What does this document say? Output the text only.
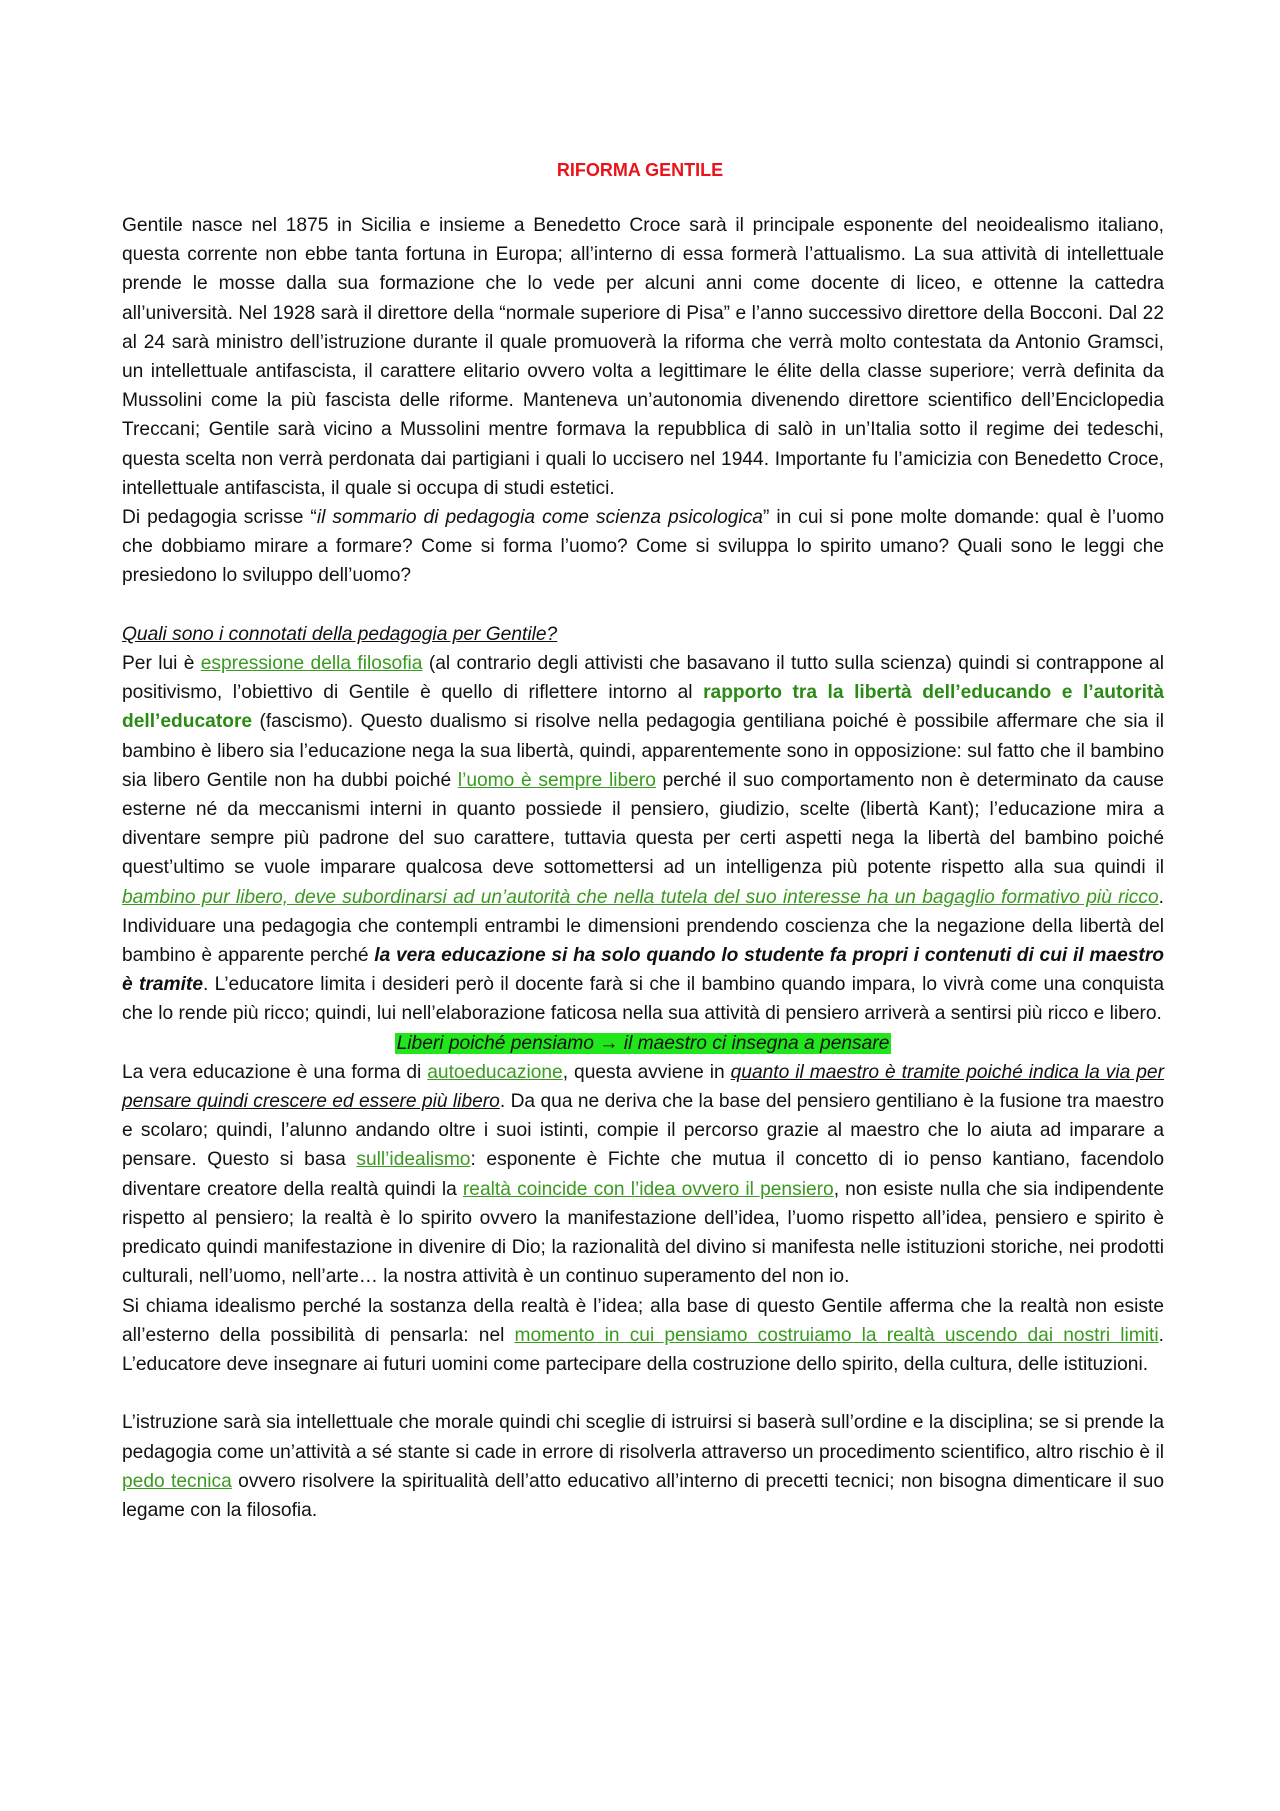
RIFORMA GENTILE

Gentile nasce nel 1875 in Sicilia e insieme a Benedetto Croce sarà il principale esponente del neoidealismo italiano, questa corrente non ebbe tanta fortuna in Europa; all’interno di essa formerà l’attualismo. La sua attività di intellettuale prende le mosse dalla sua formazione che lo vede per alcuni anni come docente di liceo, e ottenne la cattedra all’università. Nel 1928 sarà il direttore della “normale superiore di Pisa” e l’anno successivo direttore della Bocconi. Dal 22 al 24 sarà ministro dell’istruzione durante il quale promuoverà la riforma che verrà molto contestata da Antonio Gramsci, un intellettuale antifascista, il carattere elitario ovvero volta a legittimare le élite della classe superiore; verrà definita da Mussolini come la più fascista delle riforme. Manteneva un’autonomia divenendo direttore scientifico dell’Enciclopedia Treccani; Gentile sarà vicino a Mussolini mentre formava la repubblica di salò in un’Italia sotto il regime dei tedeschi, questa scelta non verrà perdonata dai partigiani i quali lo uccisero nel 1944. Importante fu l’amicizia con Benedetto Croce, intellettuale antifascista, il quale si occupa di studi estetici.

Di pedagogia scrisse “il sommario di pedagogia come scienza psicologica” in cui si pone molte domande: qual è l’uomo che dobbiamo mirare a formare? Come si forma l’uomo? Come si sviluppa lo spirito umano? Quali sono le leggi che presiedono lo sviluppo dell’uomo?

Quali sono i connotati della pedagogia per Gentile?

Per lui è espressione della filosofia (al contrario degli attivisti che basavano il tutto sulla scienza) quindi si contrappone al positivismo, l’obiettivo di Gentile è quello di riflettere intorno al rapporto tra la libertà dell’educando e l’autorità dell’educatore (fascismo). Questo dualismo si risolve nella pedagogia gentiliana poiché è possibile affermare che sia il bambino è libero sia l’educazione nega la sua libertà, quindi, apparentemente sono in opposizione: sul fatto che il bambino sia libero Gentile non ha dubbi poiché l’uomo è sempre libero perché il suo comportamento non è determinato da cause esterne né da meccanismi interni in quanto possiede il pensiero, giudizio, scelte (libertà Kant); l’educazione mira a diventare sempre più padrone del suo carattere, tuttavia questa per certi aspetti nega la libertà del bambino poiché quest’ultimo se vuole imparare qualcosa deve sottomettersi ad un intelligenza più potente rispetto alla sua quindi il bambino pur libero, deve subordinarsi ad un’autorità che nella tutela del suo interesse ha un bagaglio formativo più ricco. Individuare una pedagogia che contempli entrambi le dimensioni prendendo coscienza che la negazione della libertà del bambino è apparente perché la vera educazione si ha solo quando lo studente fa propri i contenuti di cui il maestro è tramite. L’educatore limita i desideri però il docente farà si che il bambino quando impara, lo vivrà come una conquista che lo rende più ricco; quindi, lui nell’elaborazione faticosa nella sua attività di pensiero arriverà a sentirsi più ricco e libero.

Liberi poiché pensiamo → il maestro ci insegna a pensare

La vera educazione è una forma di autoeducazione, questa avviene in quanto il maestro è tramite poiché indica la via per pensare quindi crescere ed essere più libero. Da qua ne deriva che la base del pensiero gentiliano è la fusione tra maestro e scolaro; quindi, l’alunno andando oltre i suoi istinti, compie il percorso grazie al maestro che lo aiuta ad imparare a pensare. Questo si basa sull’idealismo: esponente è Fichte che mutua il concetto di io penso kantiano, facendolo diventare creatore della realtà quindi la realtà coincide con l’idea ovvero il pensiero, non esiste nulla che sia indipendente rispetto al pensiero; la realtà è lo spirito ovvero la manifestazione dell’idea, l’uomo rispetto all’idea, pensiero e spirito è predicato quindi manifestazione in divenire di Dio; la razionalità del divino si manifesta nelle istituzioni storiche, nei prodotti culturali, nell’uomo, nell’arte… la nostra attività è un continuo superamento del non io.

Si chiama idealismo perché la sostanza della realtà è l’idea; alla base di questo Gentile afferma che la realtà non esiste all’esterno della possibilità di pensarla: nel momento in cui pensiamo costruiamo la realtà uscendo dai nostri limiti. L’educatore deve insegnare ai futuri uomini come partecipare della costruzione dello spirito, della cultura, delle istituzioni.

L’istruzione sarà sia intellettuale che morale quindi chi sceglie di istruirsi si baserà sull’ordine e la disciplina; se si prende la pedagogia come un’attività a sé stante si cade in errore di risolverla attraverso un procedimento scientifico, altro rischio è il pedo tecnica ovvero risolvere la spiritualità dell’atto educativo all’interno di precetti tecnici; non bisogna dimenticare il suo legame con la filosofia.
